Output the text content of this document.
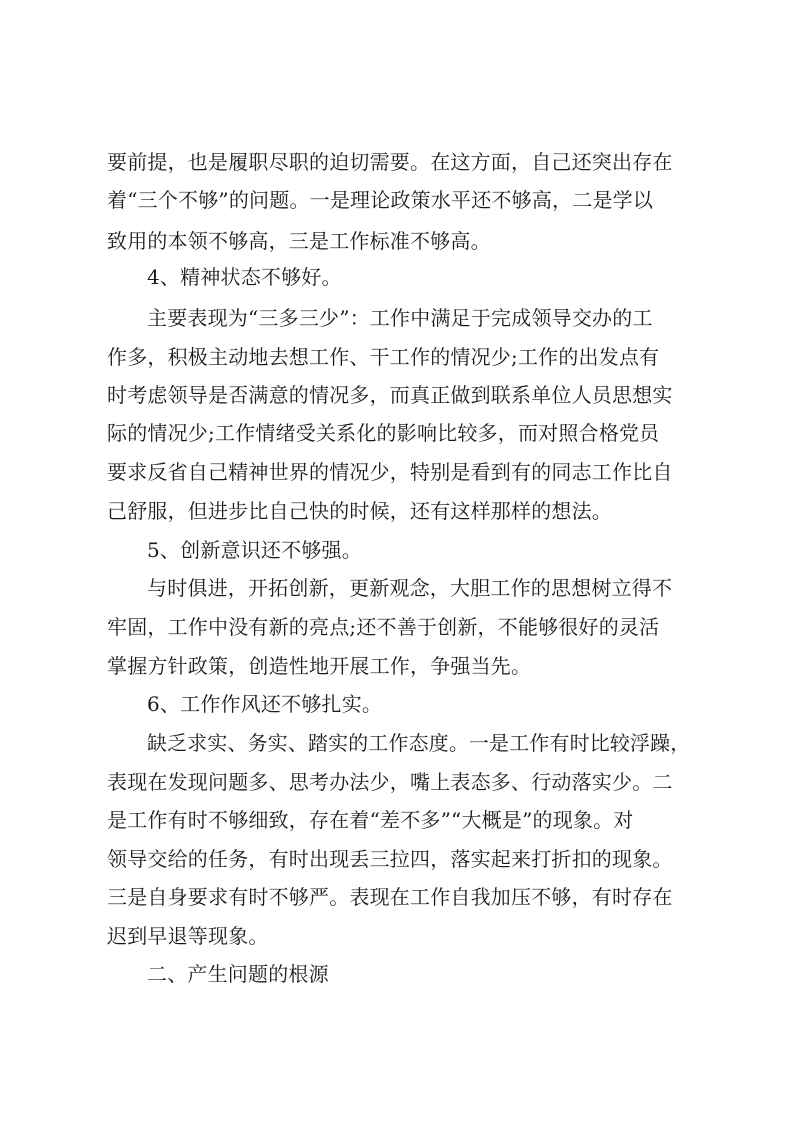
要前提，也是履职尽职的迫切需要。在这方面，自己还突出存在
着“三个不够”的问题。一是理论政策水平还不够高，二是学以
致用的本领不够高，三是工作标准不够高。
4、精神状态不够好。
主要表现为“三多三少”：工作中满足于完成领导交办的工
作多，积极主动地去想工作、干工作的情况少;工作的出发点有
时考虑领导是否满意的情况多，而真正做到联系单位人员思想实
际的情况少;工作情绪受关系化的影响比较多，而对照合格党员
要求反省自己精神世界的情况少，特别是看到有的同志工作比自
己舒服，但进步比自己快的时候，还有这样那样的想法。
5、创新意识还不够强。
与时俱进，开拓创新，更新观念，大胆工作的思想树立得不
牢固，工作中没有新的亮点;还不善于创新，不能够很好的灵活
掌握方针政策，创造性地开展工作，争强当先。
6、工作作风还不够扎实。
缺乏求实、务实、踏实的工作态度。一是工作有时比较浮躁，
表现在发现问题多、思考办法少，嘴上表态多、行动落实少。二
是工作有时不够细致，存在着“差不多”“大概是”的现象。对
领导交给的任务，有时出现丢三拉四，落实起来打折扣的现象。
三是自身要求有时不够严。表现在工作自我加压不够，有时存在
迟到早退等现象。
二、产生问题的根源
